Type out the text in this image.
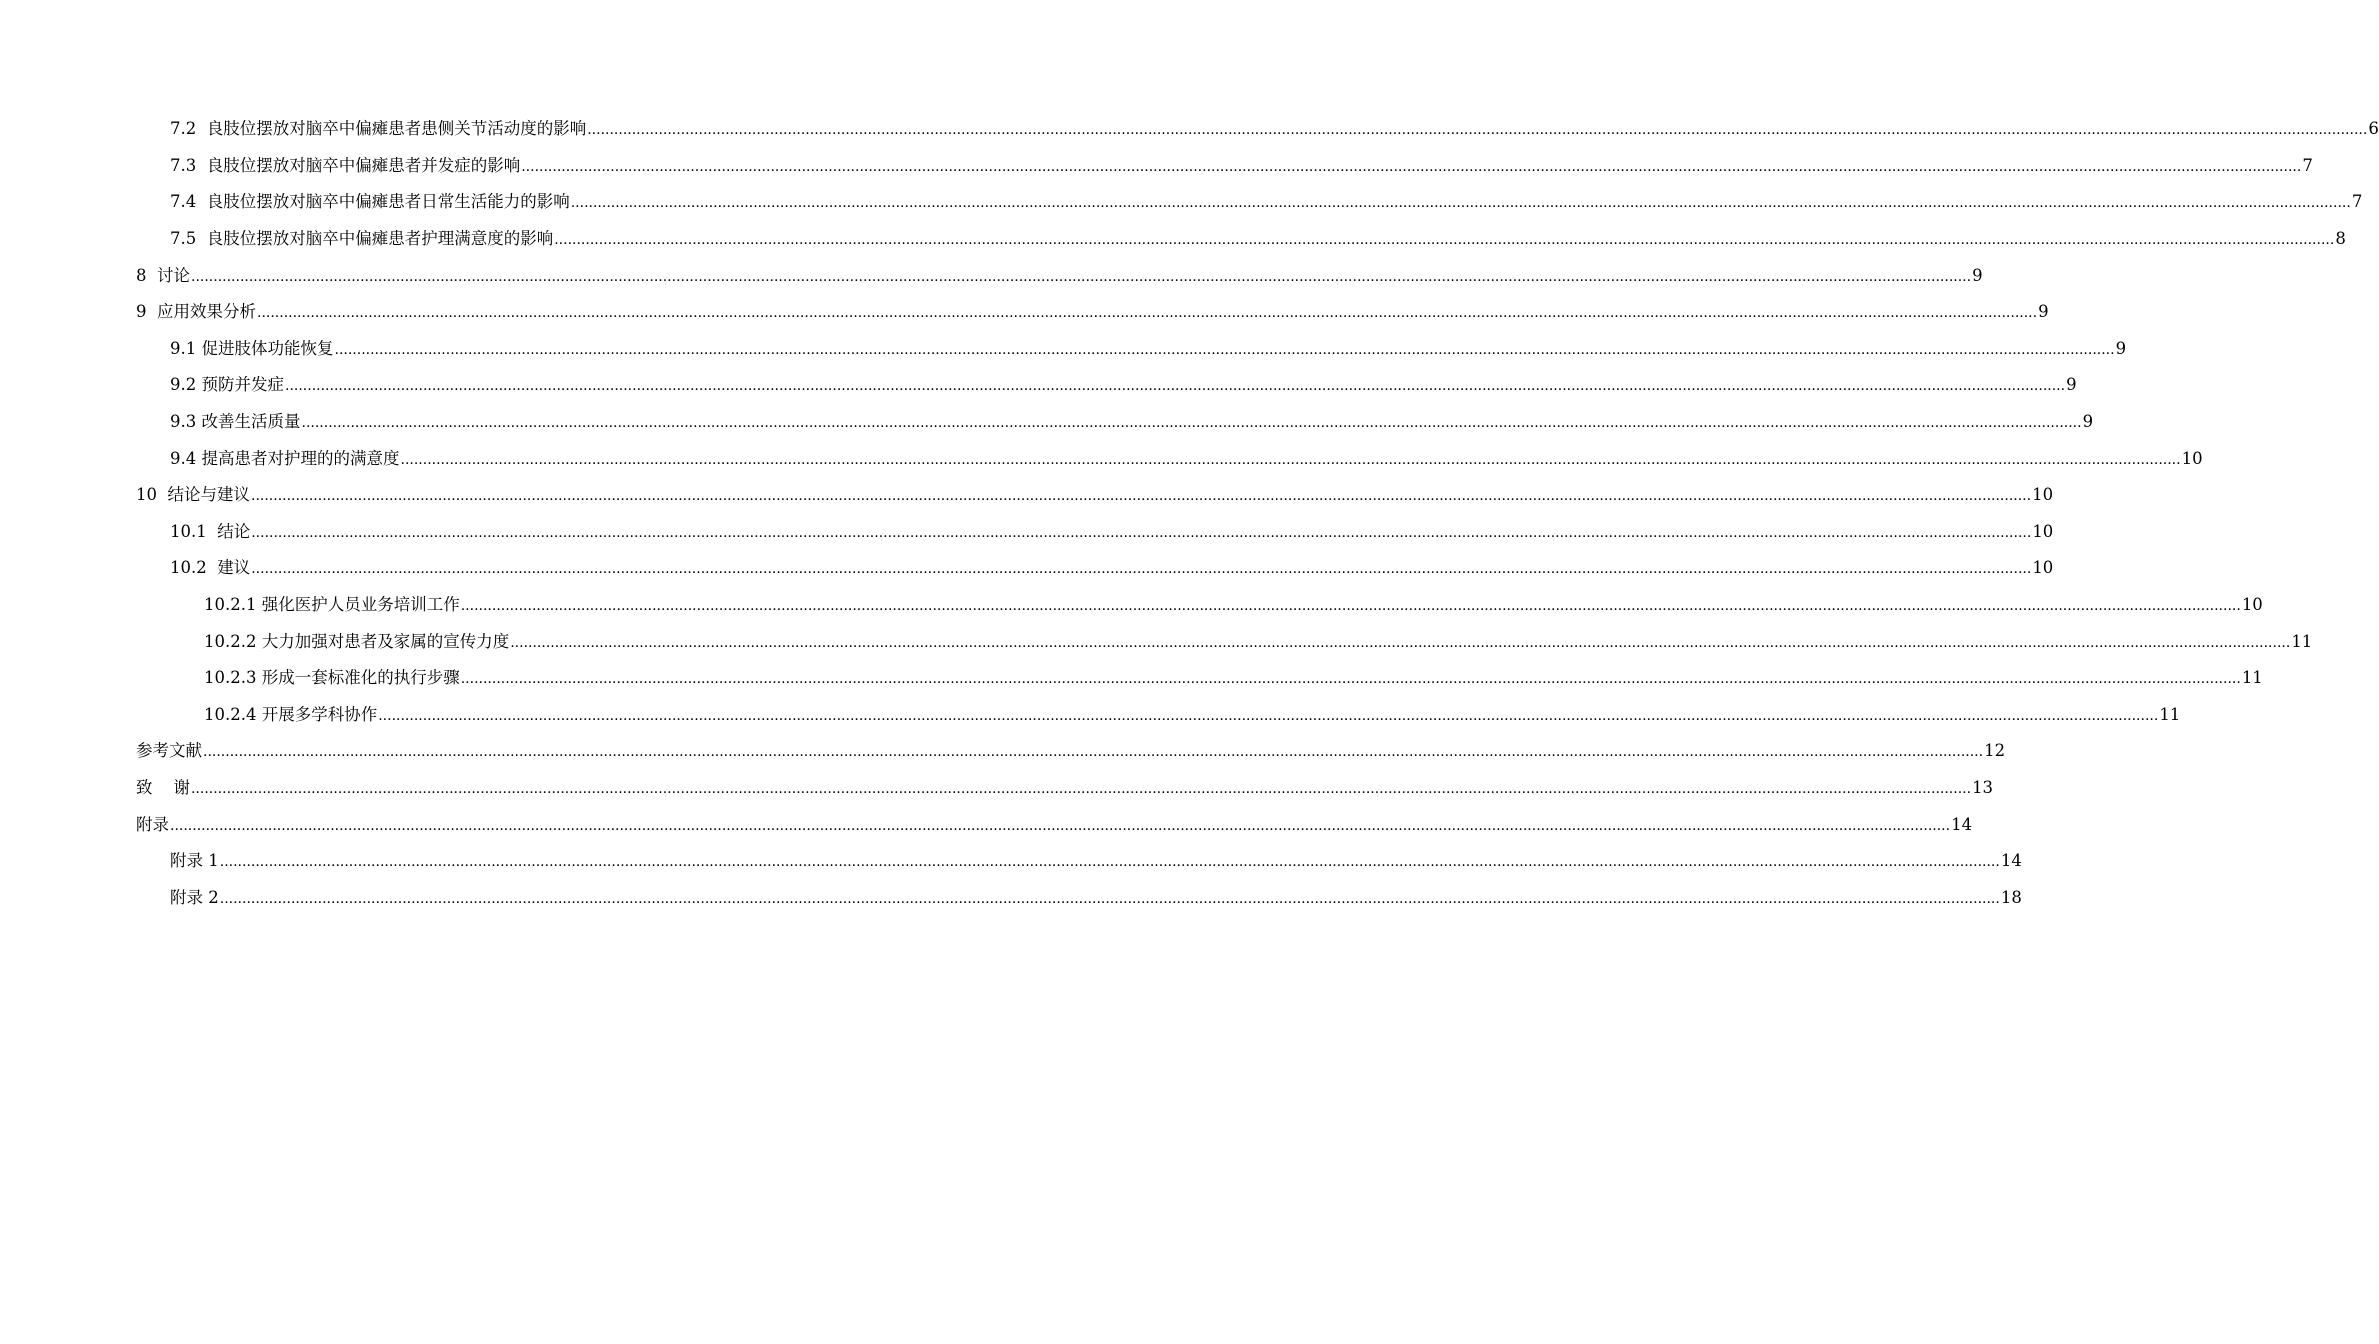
7.2  良肢位摆放对脑卒中偏瘫患者患侧关节活动度的影响 ................................................................................................................................................................................................................................................................................................................................................................................................................ 6
7.3  良肢位摆放对脑卒中偏瘫患者并发症的影响 ................................................................................................................................................................................................................................................................................................................................................................................................................ 7
7.4  良肢位摆放对脑卒中偏瘫患者日常生活能力的影响 ................................................................................................................................................................................................................................................................................................................................................................................................................ 7
7.5  良肢位摆放对脑卒中偏瘫患者护理满意度的影响 ................................................................................................................................................................................................................................................................................................................................................................................................................ 8
8  讨论 ................................................................................................................................................................................................................................................................................................................................................................................................................ 9
9  应用效果分析 ................................................................................................................................................................................................................................................................................................................................................................................................................ 9
9.1 促进肢体功能恢复 ................................................................................................................................................................................................................................................................................................................................................................................................................ 9
9.2 预防并发症 ................................................................................................................................................................................................................................................................................................................................................................................................................ 9
9.3 改善生活质量 ................................................................................................................................................................................................................................................................................................................................................................................................................ 9
9.4 提高患者对护理的的满意度 ................................................................................................................................................................................................................................................................................................................................................................................................................ 10
10  结论与建议 ................................................................................................................................................................................................................................................................................................................................................................................................................ 10
10.1  结论 ................................................................................................................................................................................................................................................................................................................................................................................................................ 10
10.2  建议 ................................................................................................................................................................................................................................................................................................................................................................................................................ 10
10.2.1 强化医护人员业务培训工作 ................................................................................................................................................................................................................................................................................................................................................................................................................ 10
10.2.2 大力加强对患者及家属的宣传力度 ................................................................................................................................................................................................................................................................................................................................................................................................................ 11
10.2.3 形成一套标准化的执行步骤 ................................................................................................................................................................................................................................................................................................................................................................................................................ 11
10.2.4 开展多学科协作 ................................................................................................................................................................................................................................................................................................................................................................................................................ 11
参考文献 ................................................................................................................................................................................................................................................................................................................................................................................................................ 12
致    谢 ................................................................................................................................................................................................................................................................................................................................................................................................................ 13
附录 ................................................................................................................................................................................................................................................................................................................................................................................................................ 14
附录 1 ................................................................................................................................................................................................................................................................................................................................................................................................................ 14
附录 2 ................................................................................................................................................................................................................................................................................................................................................................................................................ 18
